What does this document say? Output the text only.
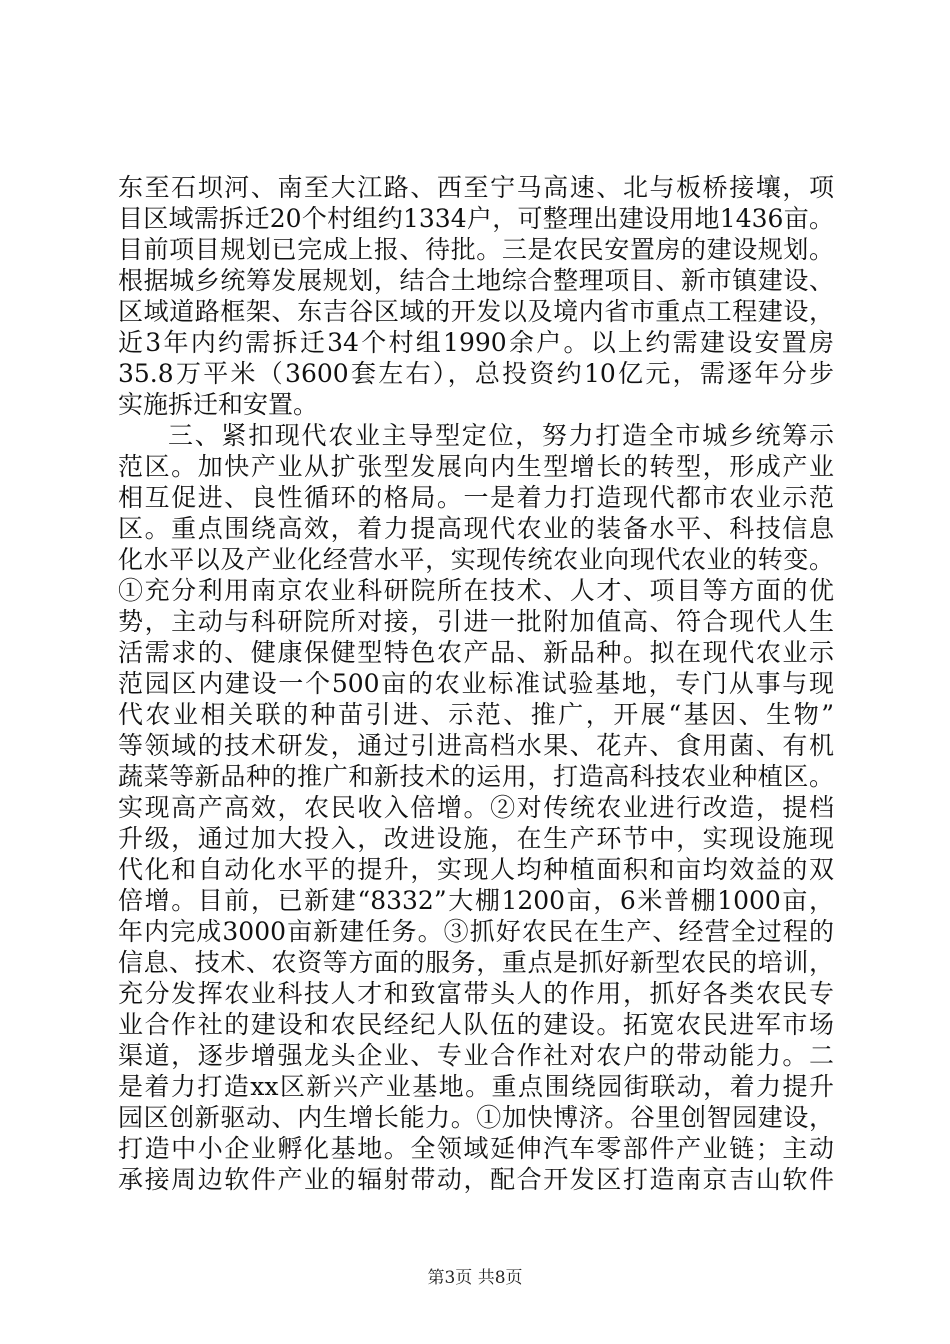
东至石坝河、南至大江路、西至宁马高速、北与板桥接壤，项
目区域需拆迁20个村组约1334户，可整理出建设用地1436亩。
目前项目规划已完成上报、待批。三是农民安置房的建设规划。
根据城乡统筹发展规划，结合土地综合整理项目、新市镇建设、
区域道路框架、东吉谷区域的开发以及境内省市重点工程建设，
近3年内约需拆迁34个村组1990余户。以上约需建设安置房
35.8万平米（3600套左右），总投资约10亿元，需逐年分步
实施拆迁和安置。
三、紧扣现代农业主导型定位，努力打造全市城乡统筹示
范区。加快产业从扩张型发展向内生型增长的转型，形成产业
相互促进、良性循环的格局。一是着力打造现代都市农业示范
区。重点围绕高效，着力提高现代农业的装备水平、科技信息
化水平以及产业化经营水平，实现传统农业向现代农业的转变。
①充分利用南京农业科研院所在技术、人才、项目等方面的优
势，主动与科研院所对接，引进一批附加值高、符合现代人生
活需求的、健康保健型特色农产品、新品种。拟在现代农业示
范园区内建设一个500亩的农业标准试验基地，专门从事与现
代农业相关联的种苗引进、示范、推广，开展“基因、生物”
等领域的技术研发，通过引进高档水果、花卉、食用菌、有机
蔬菜等新品种的推广和新技术的运用，打造高科技农业种植区。
实现高产高效，农民收入倍增。②对传统农业进行改造，提档
升级，通过加大投入，改进设施，在生产环节中，实现设施现
代化和自动化水平的提升，实现人均种植面积和亩均效益的双
倍增。目前，已新建“8332”大棚1200亩，6米普棚1000亩，
年内完成3000亩新建任务。③抓好农民在生产、经营全过程的
信息、技术、农资等方面的服务，重点是抓好新型农民的培训，
充分发挥农业科技人才和致富带头人的作用，抓好各类农民专
业合作社的建设和农民经纪人队伍的建设。拓宽农民进军市场
渠道，逐步增强龙头企业、专业合作社对农户的带动能力。二
是着力打造xx区新兴产业基地。重点围绕园街联动，着力提升
园区创新驱动、内生增长能力。①加快博济。谷里创智园建设，
打造中小企业孵化基地。全领域延伸汽车零部件产业链；主动
承接周边软件产业的辐射带动，配合开发区打造南京吉山软件
第3页 共8页
